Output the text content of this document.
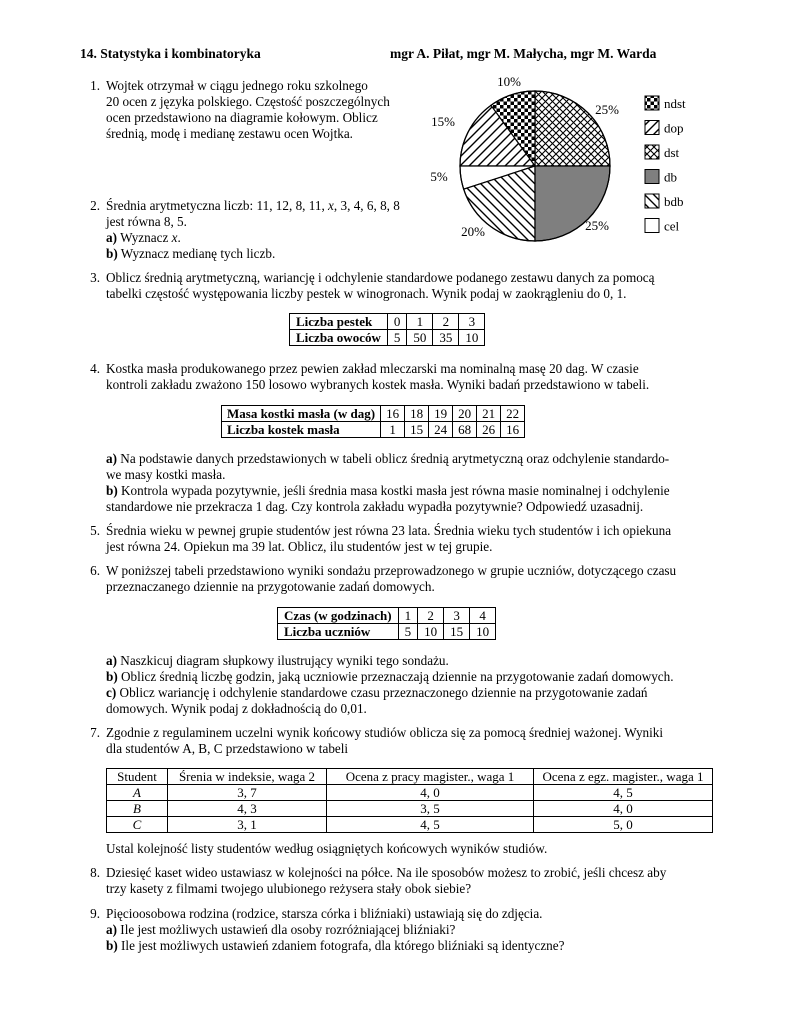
14. Statystyka i kombinatoryka	mgr A. Piłat, mgr M. Małycha, mgr M. Warda
1. Wojtek otrzymał w ciągu jednego roku szkolnego
20 ocen z języka polskiego. Częstość poszczególnych
ocen przedstawiono na diagramie kołowym. Oblicz
średnią, modę i medianę zestawu ocen Wojtka.
25%
10%
15%
5%
20%	25%
ndst
dop
dst
db
bdb
cel
2. Średnia arytmetyczna liczb: 11, 12, 8, 11, x, 3, 4, 6, 8, 8
jest równa 8, 5.
a) Wyznacz x.
b) Wyznacz medianę tych liczb.
3. Oblicz średnią arytmetyczną, wariancję i odchylenie standardowe podanego zestawu danych za pomocą
tabelki częstość występowania liczby pestek w winogronach. Wynik podaj w zaokrągleniu do 0, 1.
Liczba pestek	0	1	2	3
Liczba owoców	5	50	35	10
4. Kostka masła produkowanego przez pewien zakład mleczarski ma nominalną masę 20 dag. W czasie
kontroli zakładu zważono 150 losowo wybranych kostek masła. Wyniki badań przedstawiono w tabeli.
Masa kostki masła (w dag)	16	18	19	20	21	22
Liczba kostek masła	1	15	24	68	26	16
a) Na podstawie danych przedstawionych w tabeli oblicz średnią arytmetyczną oraz odchylenie standardo-
we masy kostki masła.
b) Kontrola wypada pozytywnie, jeśli średnia masa kostki masła jest równa masie nominalnej i odchylenie
standardowe nie przekracza 1 dag. Czy kontrola zakładu wypadła pozytywnie? Odpowiedź uzasadnij.
5. Średnia wieku w pewnej grupie studentów jest równa 23 lata. Średnia wieku tych studentów i ich opiekuna
jest równa 24. Opiekun ma 39 lat. Oblicz, ilu studentów jest w tej grupie.
6. W poniższej tabeli przedstawiono wyniki sondażu przeprowadzonego w grupie uczniów, dotyczącego czasu
przeznaczanego dziennie na przygotowanie zadań domowych.
Czas (w godzinach)	1	2	3	4
Liczba uczniów	5	10	15	10
a) Naszkicuj diagram słupkowy ilustrujący wyniki tego sondażu.
b) Oblicz średnią liczbę godzin, jaką uczniowie przeznaczają dziennie na przygotowanie zadań domowych.
c) Oblicz wariancję i odchylenie standardowe czasu przeznaczonego dziennie na przygotowanie zadań
domowych. Wynik podaj z dokładnością do 0,01.
7. Zgodnie z regulaminem uczelni wynik końcowy studiów oblicza się za pomocą średniej ważonej. Wyniki
dla studentów A, B, C przedstawiono w tabeli
Student	Śrenia w indeksie, waga 2	Ocena z pracy magister., waga 1	Ocena z egz. magister., waga 1
A	3, 7	4, 0	4, 5
B	4, 3	3, 5	4, 0
C	3, 1	4, 5	5, 0
Ustal kolejność listy studentów według osiągniętych końcowych wyników studiów.
8. Dziesięć kaset wideo ustawiasz w kolejności na półce. Na ile sposobów możesz to zrobić, jeśli chcesz aby
trzy kasety z filmami twojego ulubionego reżysera stały obok siebie?
9. Pięcioosobowa rodzina (rodzice, starsza córka i bliźniaki) ustawiają się do zdjęcia.
a) Ile jest możliwych ustawień dla osoby rozróżniającej bliźniaki?
b) Ile jest możliwych ustawień zdaniem fotografa, dla którego bliźniaki są identyczne?
